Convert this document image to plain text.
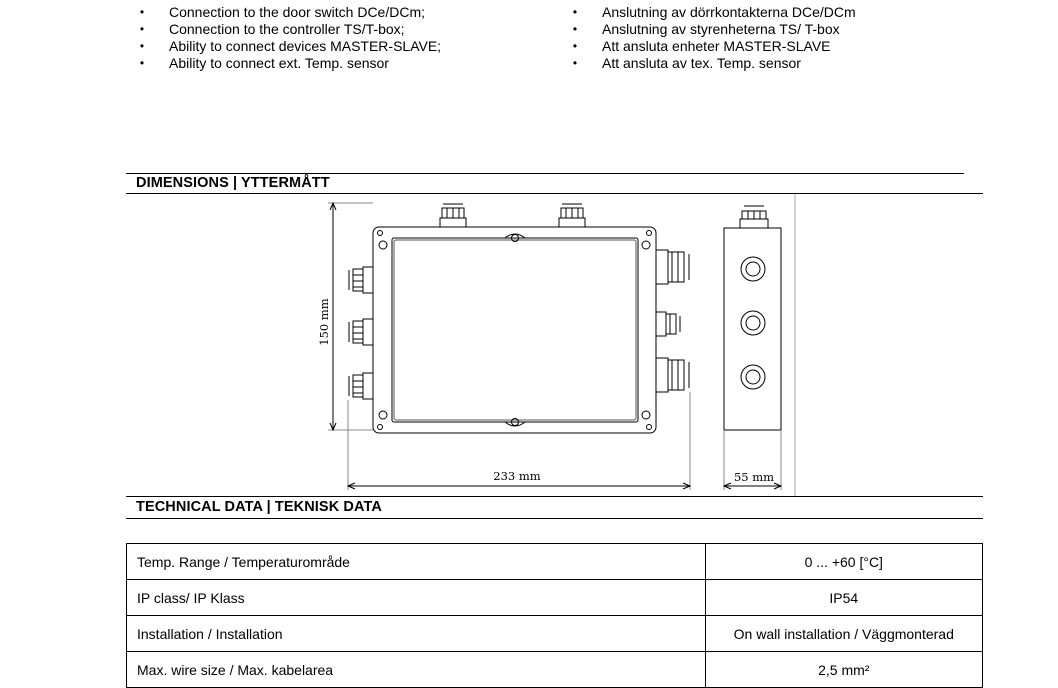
• Connection to the door switch DCe/DCm;
• Connection to the controller TS/T-box;
• Ability to connect devices MASTER-SLAVE;
• Ability to connect ext. Temp. sensor
• Anslutning av dörrkontakterna DCe/DCm
• Anslutning av styrenheterna TS/ T-box
• Att ansluta enheter MASTER-SLAVE
• Att ansluta av tex. Temp. sensor
DIMENSIONS | YTTERMÅTT
150 mm
233 mm	55 mm
TECHNICAL DATA | TEKNISK DATA
Temp. Range / Temperaturområde	0 ... +60 [°C]
IP class/ IP Klass	IP54
Installation / Installation	On wall installation / Väggmonterad
Max. wire size / Max. kabelarea	2,5 mm²
